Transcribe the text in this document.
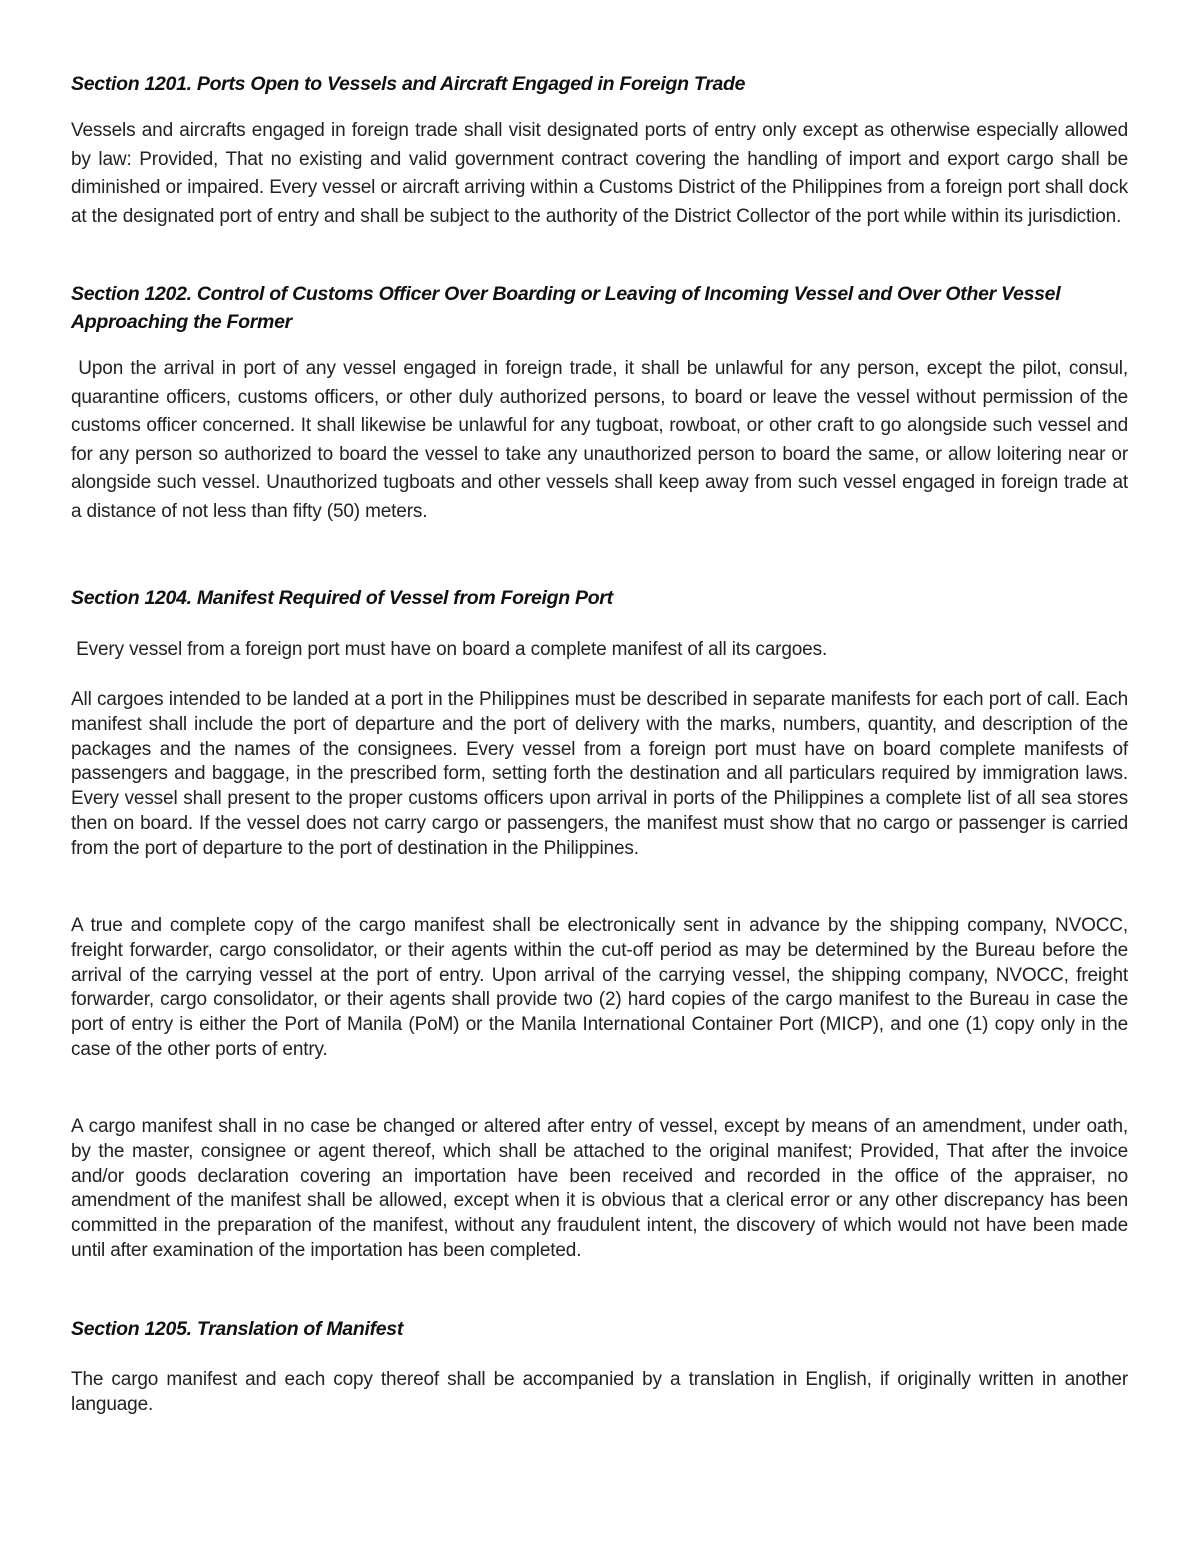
Section 1201. Ports Open to Vessels and Aircraft Engaged in Foreign Trade

Vessels and aircrafts engaged in foreign trade shall visit designated ports of entry only except as otherwise especially allowed by law: Provided, That no existing and valid government contract covering the handling of import and export cargo shall be diminished or impaired. Every vessel or aircraft arriving within a Customs District of the Philippines from a foreign port shall dock at the designated port of entry and shall be subject to the authority of the District Collector of the port while within its jurisdiction.

Section 1202. Control of Customs Officer Over Boarding or Leaving of Incoming Vessel and Over Other Vessel Approaching the Former

Upon the arrival in port of any vessel engaged in foreign trade, it shall be unlawful for any person, except the pilot, consul, quarantine officers, customs officers, or other duly authorized persons, to board or leave the vessel without permission of the customs officer concerned. It shall likewise be unlawful for any tugboat, rowboat, or other craft to go alongside such vessel and for any person so authorized to board the vessel to take any unauthorized person to board the same, or allow loitering near or alongside such vessel. Unauthorized tugboats and other vessels shall keep away from such vessel engaged in foreign trade at a distance of not less than fifty (50) meters.

Section 1204. Manifest Required of Vessel from Foreign Port

Every vessel from a foreign port must have on board a complete manifest of all its cargoes.

All cargoes intended to be landed at a port in the Philippines must be described in separate manifests for each port of call. Each manifest shall include the port of departure and the port of delivery with the marks, numbers, quantity, and description of the packages and the names of the consignees. Every vessel from a foreign port must have on board complete manifests of passengers and baggage, in the prescribed form, setting forth the destination and all particulars required by immigration laws. Every vessel shall present to the proper customs officers upon arrival in ports of the Philippines a complete list of all sea stores then on board. If the vessel does not carry cargo or passengers, the manifest must show that no cargo or passenger is carried from the port of departure to the port of destination in the Philippines.

A true and complete copy of the cargo manifest shall be electronically sent in advance by the shipping company, NVOCC, freight forwarder, cargo consolidator, or their agents within the cut-off period as may be determined by the Bureau before the arrival of the carrying vessel at the port of entry. Upon arrival of the carrying vessel, the shipping company, NVOCC, freight forwarder, cargo consolidator, or their agents shall provide two (2) hard copies of the cargo manifest to the Bureau in case the port of entry is either the Port of Manila (PoM) or the Manila International Container Port (MICP), and one (1) copy only in the case of the other ports of entry.

A cargo manifest shall in no case be changed or altered after entry of vessel, except by means of an amendment, under oath, by the master, consignee or agent thereof, which shall be attached to the original manifest; Provided, That after the invoice and/or goods declaration covering an importation have been received and recorded in the office of the appraiser, no amendment of the manifest shall be allowed, except when it is obvious that a clerical error or any other discrepancy has been committed in the preparation of the manifest, without any fraudulent intent, the discovery of which would not have been made until after examination of the importation has been completed.

Section 1205. Translation of Manifest

The cargo manifest and each copy thereof shall be accompanied by a translation in English, if originally written in another language.
